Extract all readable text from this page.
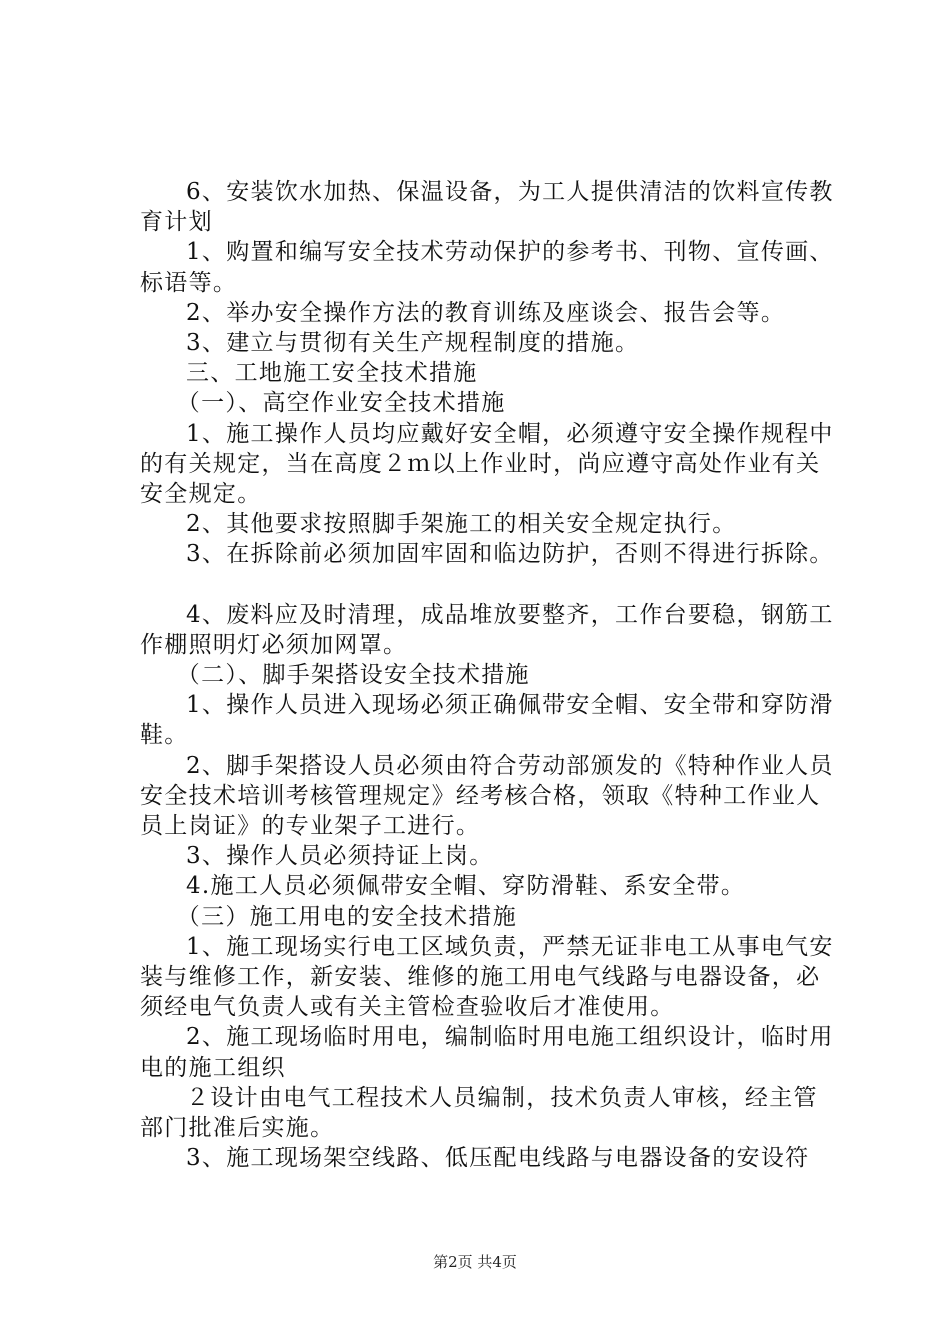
6、安装饮水加热、保温设备，为工人提供清洁的饮料宣传教育计划

1、购置和编写安全技术劳动保护的参考书、刊物、宣传画、标语等。

2、举办安全操作方法的教育训练及座谈会、报告会等。

3、建立与贯彻有关生产规程制度的措施。

三、工地施工安全技术措施

（一）、高空作业安全技术措施

1、施工操作人员均应戴好安全帽，必须遵守安全操作规程中的有关规定，当在高度２ｍ以上作业时，尚应遵守高处作业有关安全规定。

2、其他要求按照脚手架施工的相关安全规定执行。

3、在拆除前必须加固牢固和临边防护，否则不得进行拆除。

4、废料应及时清理，成品堆放要整齐，工作台要稳，钢筋工作棚照明灯必须加网罩。

（二）、脚手架搭设安全技术措施

1、操作人员进入现场必须正确佩带安全帽、安全带和穿防滑鞋。

2、脚手架搭设人员必须由符合劳动部颁发的《特种作业人员安全技术培训考核管理规定》经考核合格，领取《特种工作业人员上岗证》的专业架子工进行。

3、操作人员必须持证上岗。

4.施工人员必须佩带安全帽、穿防滑鞋、系安全带。

（三）施工用电的安全技术措施

1、施工现场实行电工区域负责，严禁无证非电工从事电气安装与维修工作，新安装、维修的施工用电气线路与电器设备，必须经电气负责人或有关主管检查验收后才准使用。

2、施工现场临时用电，编制临时用电施工组织设计，临时用电的施工组织

２设计由电气工程技术人员编制，技术负责人审核，经主管部门批准后实施。

3、施工现场架空线路、低压配电线路与电器设备的安设符

第2页 共4页
